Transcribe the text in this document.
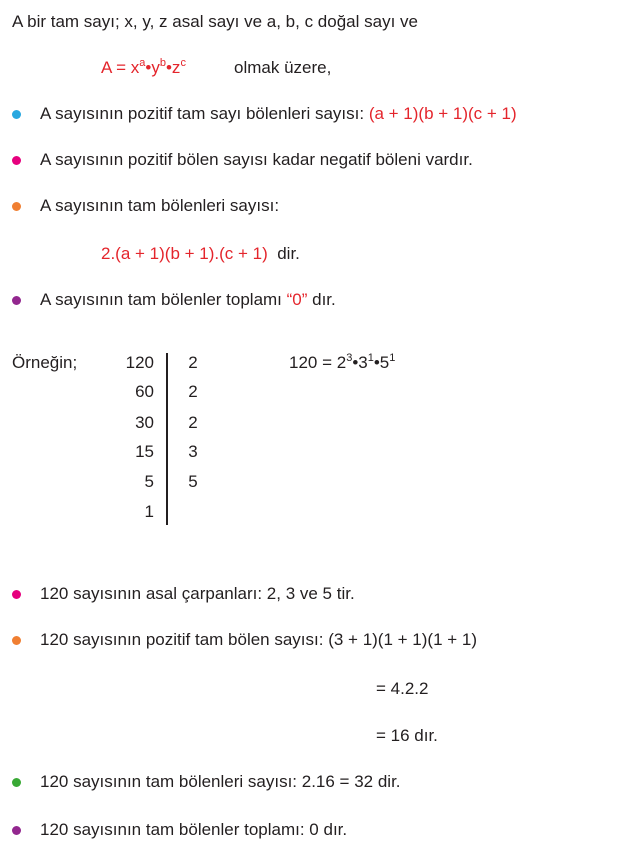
A bir tam sayı; x, y, z asal sayı ve a, b, c doğal sayı ve
$A = x^a•y^b•z^c$	olmak üzere,
A sayısının pozitif tam sayı bölenleri sayısı: (a + 1)(b + 1)(c + 1)
A sayısının pozitif bölen sayısı kadar negatif böleni vardır.
A sayısının tam bölenleri sayısı:
2.(a + 1)(b + 1).(c + 1) dir.
A sayısının tam bölenler toplamı “0” dır.
Örneğin;	120
60
30
15
5
1
2
2
2
3
5
$120 = 2^3•3^1•5^1$
120 sayısının asal çarpanları: 2, 3 ve 5 tir.
120 sayısının pozitif tam bölen sayısı: (3 + 1)(1 + 1)(1 + 1)
= 4.2.2
= 16 dır.
120 sayısının tam bölenleri sayısı: 2.16 = 32 dir.
120 sayısının tam bölenler toplamı: 0 dır.
